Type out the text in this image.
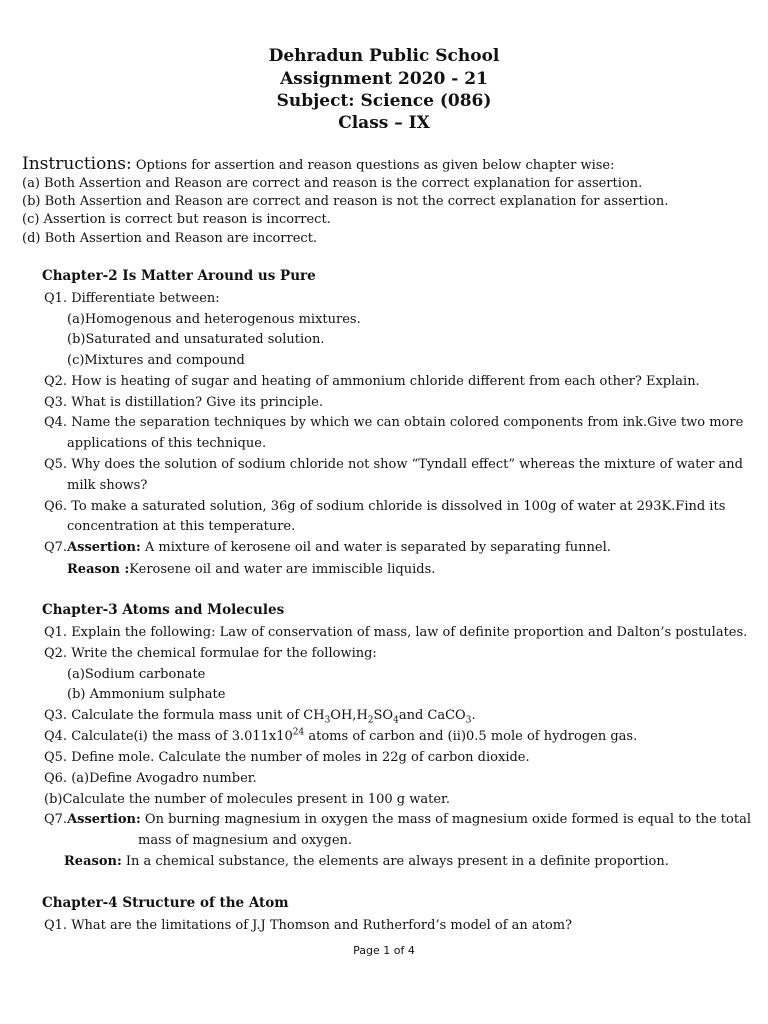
Dehradun Public School
Assignment 2020 - 21
Subject: Science (086)
Class – IX
Instructions: Options for assertion and reason questions as given below chapter wise:
(a) Both Assertion and Reason are correct and reason is the correct explanation for assertion.
(b) Both Assertion and Reason are correct and reason is not the correct explanation for assertion.
(c) Assertion is correct but reason is incorrect.
(d) Both Assertion and Reason are incorrect.
Chapter-2 Is Matter Around us Pure
Q1. Differentiate between:
(a)Homogenous and heterogenous mixtures.
(b)Saturated and unsaturated solution.
(c)Mixtures and compound
Q2. How is heating of sugar and heating of ammonium chloride different from each other? Explain.
Q3. What is distillation? Give its principle.
Q4. Name the separation techniques by which we can obtain colored components from ink.Give two more
applications of this technique.
Q5. Why does the solution of sodium chloride not show “Tyndall effect” whereas the mixture of water and
milk shows?
Q6. To make a saturated solution, 36g of sodium chloride is dissolved in 100g of water at 293K.Find its
concentration at this temperature.
Q7.Assertion: A mixture of kerosene oil and water is separated by separating funnel.
Reason :Kerosene oil and water are immiscible liquids.
Chapter-3 Atoms and Molecules
Q1. Explain the following: Law of conservation of mass, law of definite proportion and Dalton’s postulates.
Q2. Write the chemical formulae for the following:
(a)Sodium carbonate
(b) Ammonium sulphate
Q3. Calculate the formula mass unit of $CH_3OH,H_2SO_4and$ CaCO$_3$.
Q4. Calculate(i) the mass of $3.011x10^{24}$ atoms of carbon and (ii)0.5 mole of hydrogen gas.
Q5. Define mole. Calculate the number of moles in 22g of carbon dioxide.
Q6. (a)Define Avogadro number.
(b)Calculate the number of molecules present in 100 g water.
Q7.Assertion: On burning magnesium in oxygen the mass of magnesium oxide formed is equal to the total
mass of magnesium and oxygen.
Reason: In a chemical substance, the elements are always present in a definite proportion.
Chapter-4 Structure of the Atom
Q1. What are the limitations of J.J Thomson and Rutherford’s model of an atom?
Page 1 of 4
